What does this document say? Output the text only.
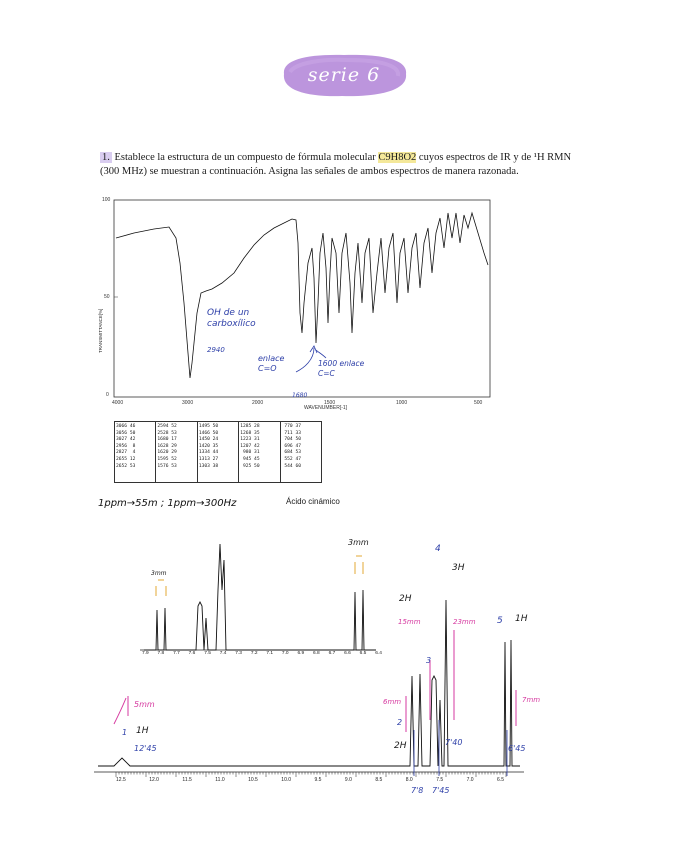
serie 6
1. Establece la estructura de un compuesto de fórmula molecular C9H8O2 cuyos espectros de IR y de ¹H RMN (300 MHz) se muestran a continuación. Asigna las señales de ambos espectros de manera razonada.
TRANSMITTANCE[%]
100
50
0
4000	3000	2000	1500	1000	500
WAVENUMBER[-1]
OH de un carboxílico
2940
enlace C=O
1680
1600 enlace C=C
3066 46
3056 50
3027 42
2956  8
2827  4
2655 12
2652 53
2594 52
2528 53
1680 17
1628 29
1620 29
1595 52
1576 53
1495 50
1466 50
1450 24
1420 35
1334 44
1313 27
1303 38
1285 28
1268 35
1223 31
1207 42
980 31
945 45
925 50
770 37
711 33
704 50
696 47
684 53
552 47
544 60
1ppm→55m ; 1ppm→300Hz	Ácido cinámico
3mm
3mm
7.9 7.8 7.7 7.6 7.5 7.4 7.3 7.2 7.1 7.0 6.9 6.8 6.7 6.6 6.5 6.4
12.5	12.0	11.5	11.0	10.5	10.0	9.5	9.0	8.5	8.0	7.5	7.0	6.5
5mm
1 1H
12'45
6mm
2
2H
7'8
15mm
2H
3
7'40
7'45
4
3H
23mm 5 1H
7mm
6'45
